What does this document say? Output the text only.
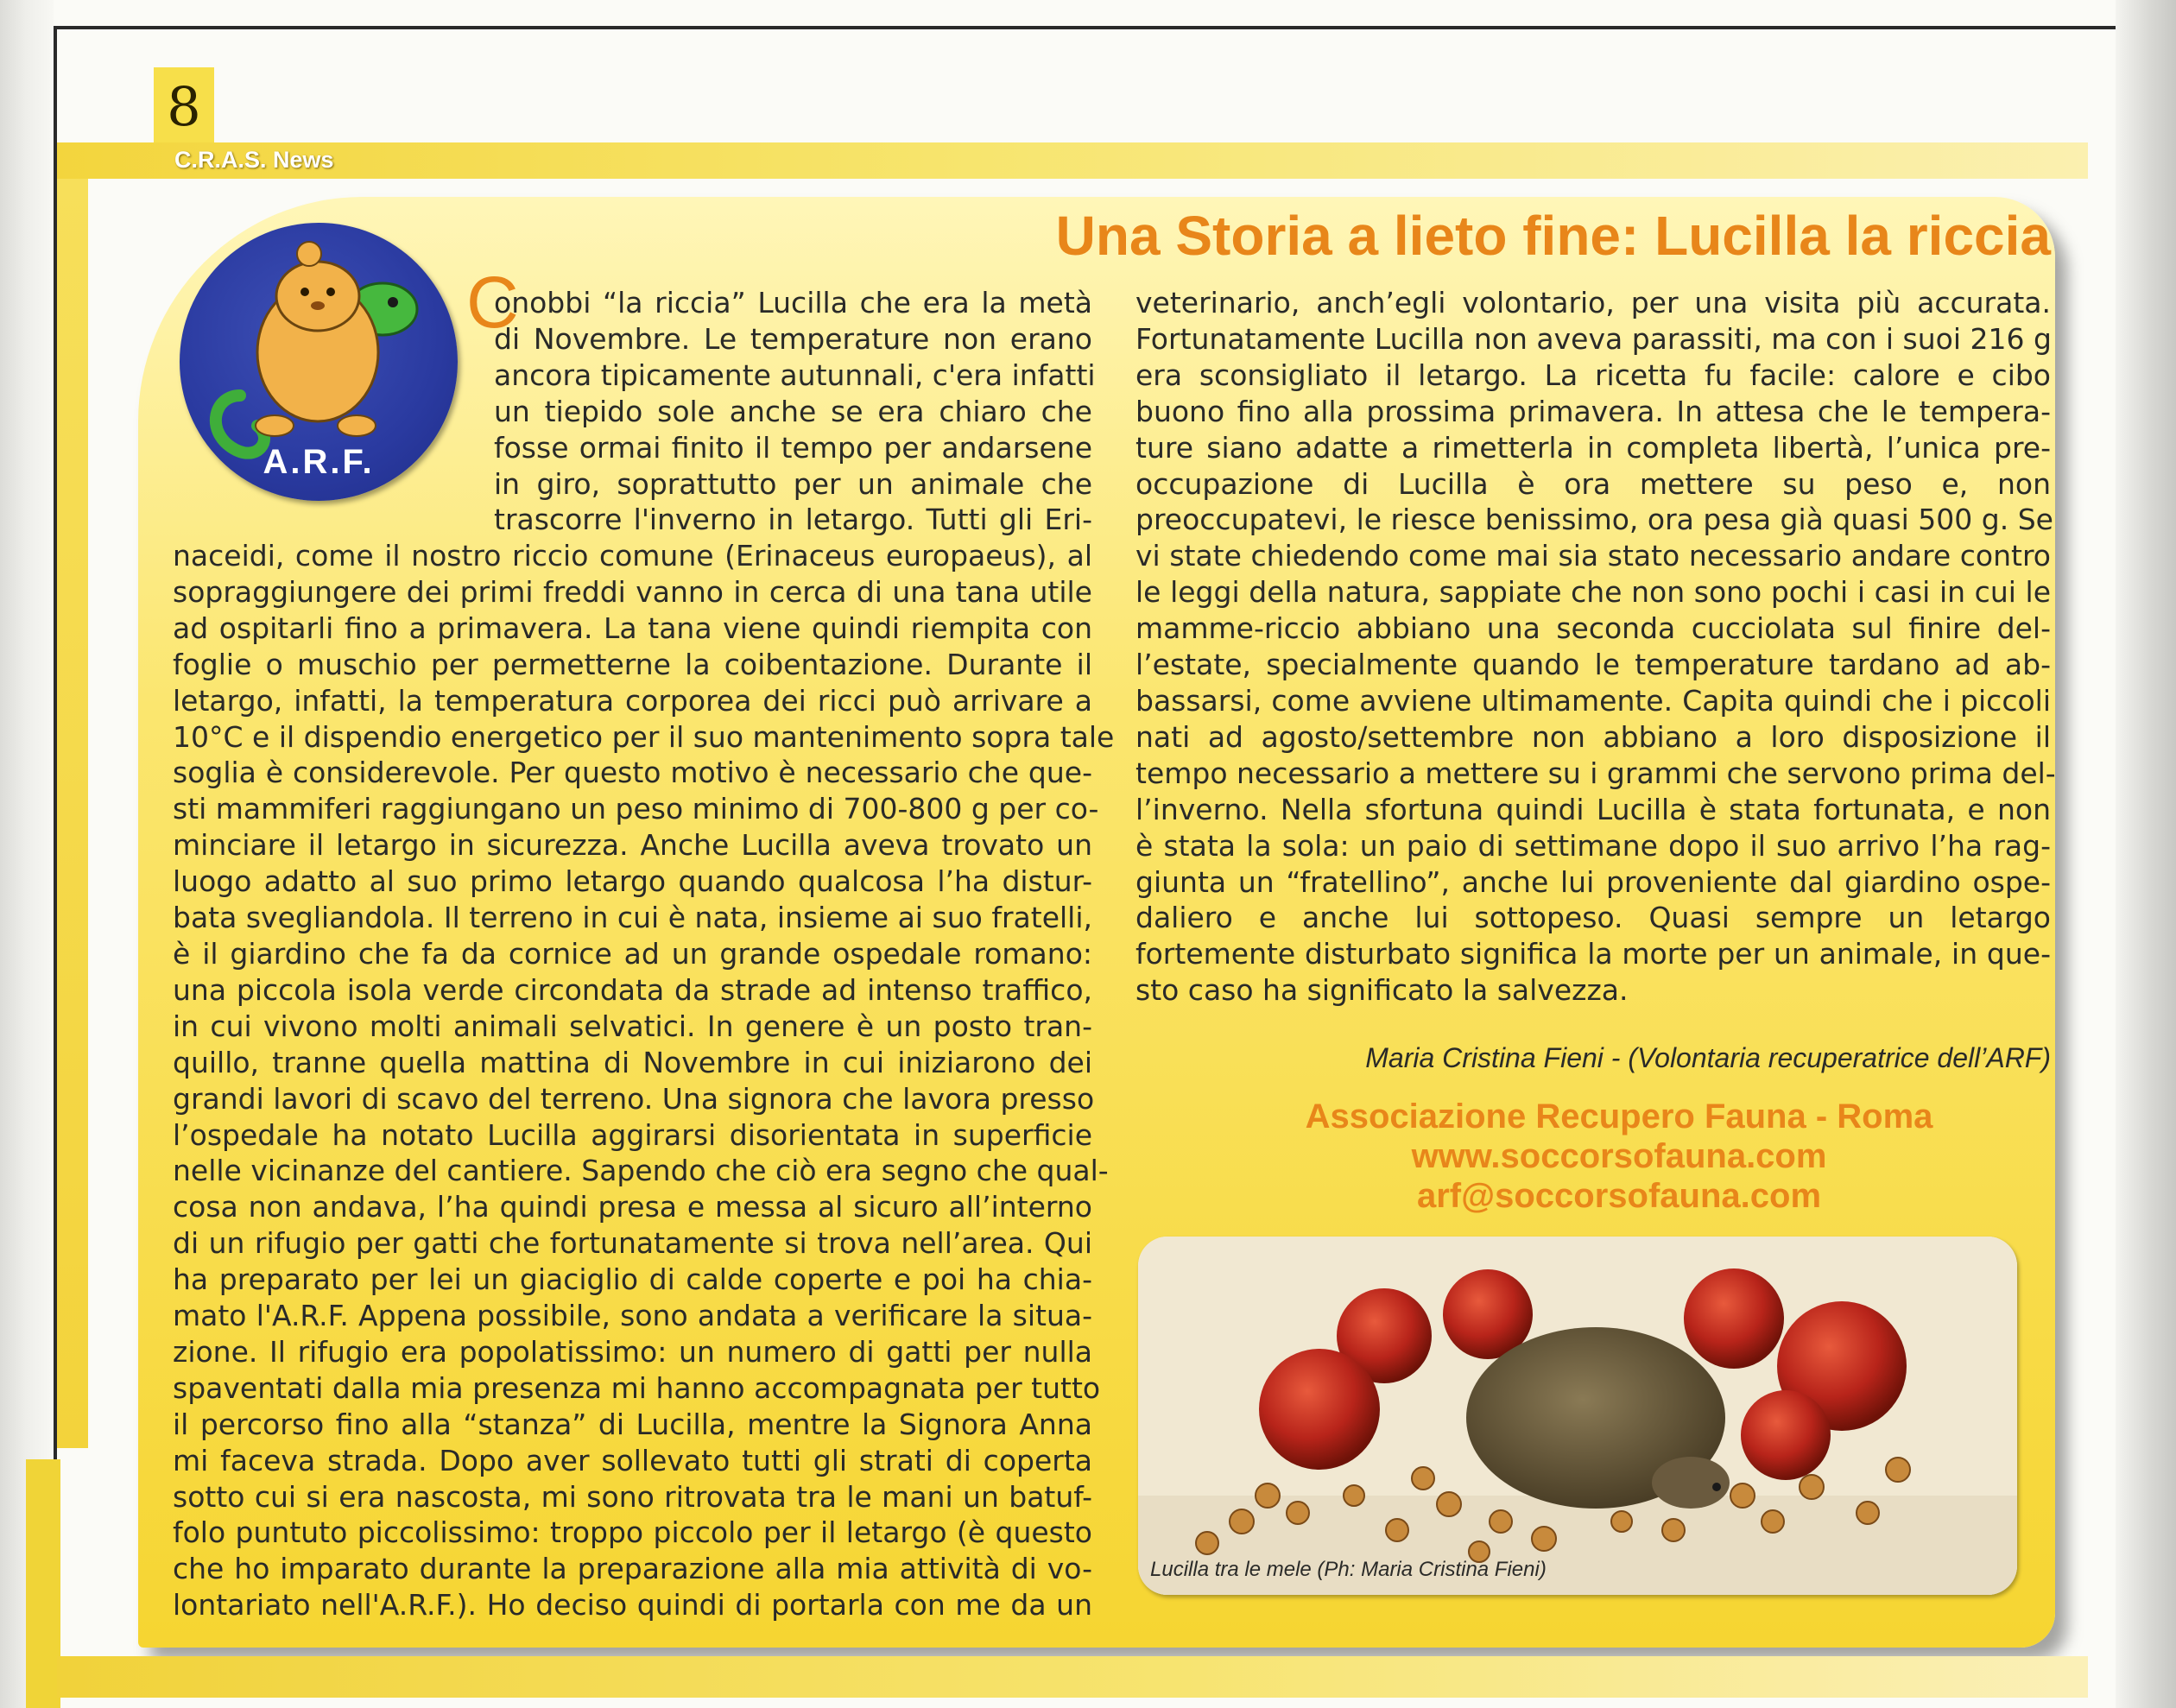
8
C.R.A.S. News
A.R.F.
Una Storia a lieto fine: Lucilla la riccia
C
onobbi “la riccia” Lucilla che era la metà
di Novembre. Le temperature non erano
ancora tipicamente autunnali, c'era infatti
un tiepido sole anche se era chiaro che
fosse ormai finito il tempo per andarsene
in giro, soprattutto per un animale che
trascorre l'inverno in letargo. Tutti gli Eri-
naceidi, come il nostro riccio comune (Erinaceus europaeus), al
sopraggiungere dei primi freddi vanno in cerca di una tana utile
ad ospitarli fino a primavera. La tana viene quindi riempita con
foglie o muschio per permetterne la coibentazione. Durante il
letargo, infatti, la temperatura corporea dei ricci può arrivare a
10°C e il dispendio energetico per il suo mantenimento sopra tale
soglia è considerevole. Per questo motivo è necessario che que-
sti mammiferi raggiungano un peso minimo di 700-800 g per co-
minciare il letargo in sicurezza. Anche Lucilla aveva trovato un
luogo adatto al suo primo letargo quando qualcosa l’ha distur-
bata svegliandola. Il terreno in cui è nata, insieme ai suo fratelli,
è il giardino che fa da cornice ad un grande ospedale romano:
una piccola isola verde circondata da strade ad intenso traffico,
in cui vivono molti animali selvatici. In genere è un posto tran-
quillo, tranne quella mattina di Novembre in cui iniziarono dei
grandi lavori di scavo del terreno. Una signora che lavora presso
l’ospedale ha notato Lucilla aggirarsi disorientata in superficie
nelle vicinanze del cantiere. Sapendo che ciò era segno che qual-
cosa non andava, l’ha quindi presa e messa al sicuro all’interno
di un rifugio per gatti che fortunatamente si trova nell’area. Qui
ha preparato per lei un giaciglio di calde coperte e poi ha chia-
mato l'A.R.F. Appena possibile, sono andata a verificare la situa-
zione. Il rifugio era popolatissimo: un numero di gatti per nulla
spaventati dalla mia presenza mi hanno accompagnata per tutto
il percorso fino alla “stanza” di Lucilla, mentre la Signora Anna
mi faceva strada. Dopo aver sollevato tutti gli strati di coperta
sotto cui si era nascosta, mi sono ritrovata tra le mani un batuf-
folo puntuto piccolissimo: troppo piccolo per il letargo (è questo
che ho imparato durante la preparazione alla mia attività di vo-
lontariato nell'A.R.F.). Ho deciso quindi di portarla con me da un
veterinario, anch’egli volontario, per una visita più accurata.
Fortunatamente Lucilla non aveva parassiti, ma con i suoi 216 g
era sconsigliato il letargo. La ricetta fu facile: calore e cibo
buono fino alla prossima primavera. In attesa che le tempera-
ture siano adatte a rimetterla in completa libertà, l’unica pre-
occupazione di Lucilla è ora mettere su peso e, non
preoccupatevi, le riesce benissimo, ora pesa già quasi 500 g. Se
vi state chiedendo come mai sia stato necessario andare contro
le leggi della natura, sappiate che non sono pochi i casi in cui le
mamme-riccio abbiano una seconda cucciolata sul finire del-
l’estate, specialmente quando le temperature tardano ad ab-
bassarsi, come avviene ultimamente. Capita quindi che i piccoli
nati ad agosto/settembre non abbiano a loro disposizione il
tempo necessario a mettere su i grammi che servono prima del-
l’inverno. Nella sfortuna quindi Lucilla è stata fortunata, e non
è stata la sola: un paio di settimane dopo il suo arrivo l’ha rag-
giunta un “fratellino”, anche lui proveniente dal giardino ospe-
daliero e anche lui sottopeso. Quasi sempre un letargo
fortemente disturbato significa la morte per un animale, in que-
sto caso ha significato la salvezza.
Maria Cristina Fieni - (Volontaria recuperatrice dell’ARF)
Associazione Recupero Fauna - Roma
www.soccorsofauna.com
arf@soccorsofauna.com
Lucilla tra le mele (Ph: Maria Cristina Fieni)
